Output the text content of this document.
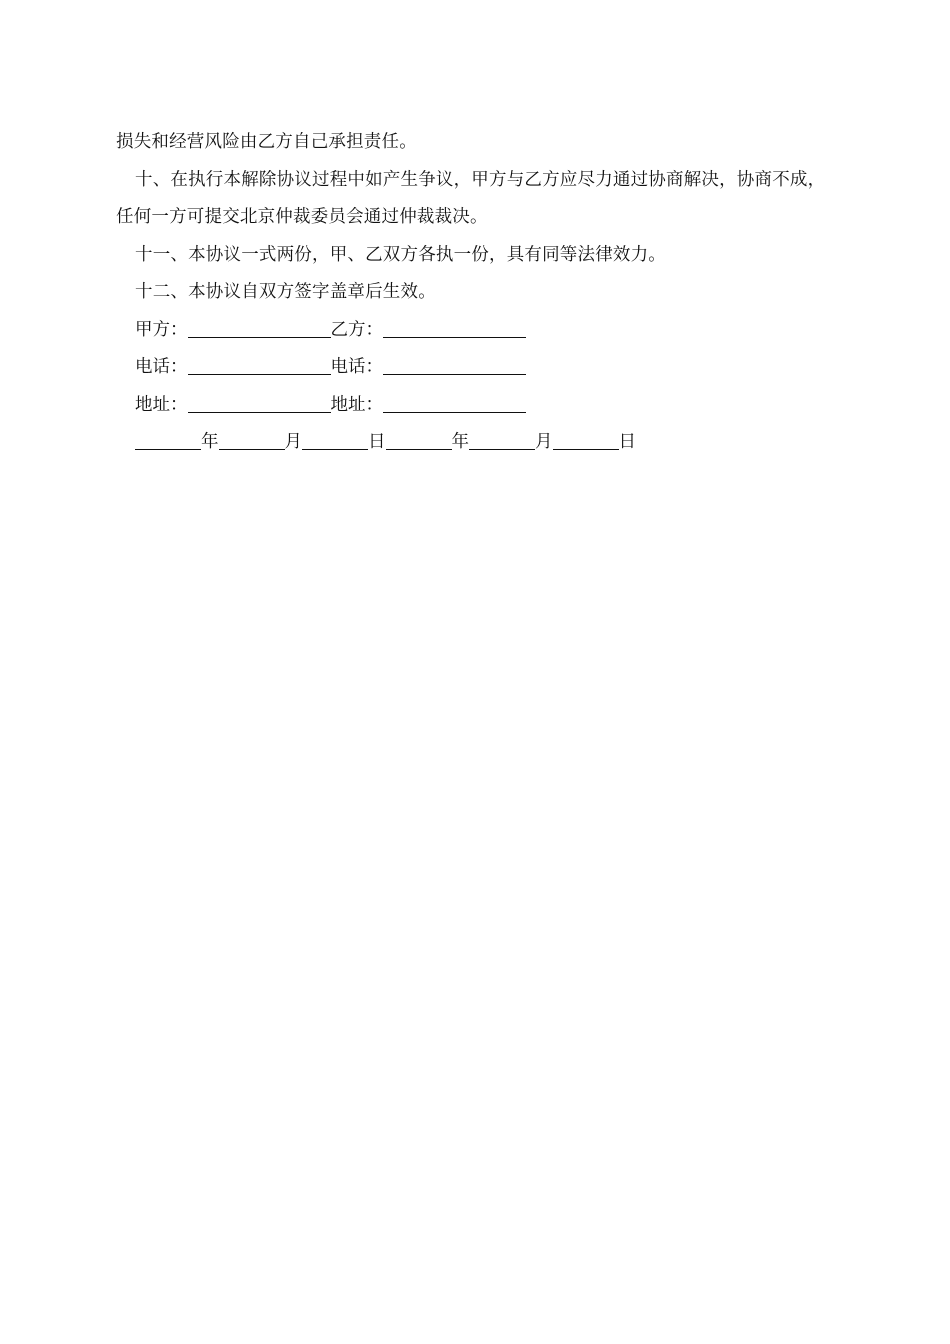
损失和经营风险由乙方自己承担责任。

十、在执行本解除协议过程中如产生争议，甲方与乙方应尽力通过协商解决，协商不成，任何一方可提交北京仲裁委员会通过仲裁裁决。

十一、本协议一式两份，甲、乙双方各执一份，具有同等法律效力。

十二、本协议自双方签字盖章后生效。

甲方：	乙方：
电话：	电话：
地址：	地址：
年	月	日	年	月	日
